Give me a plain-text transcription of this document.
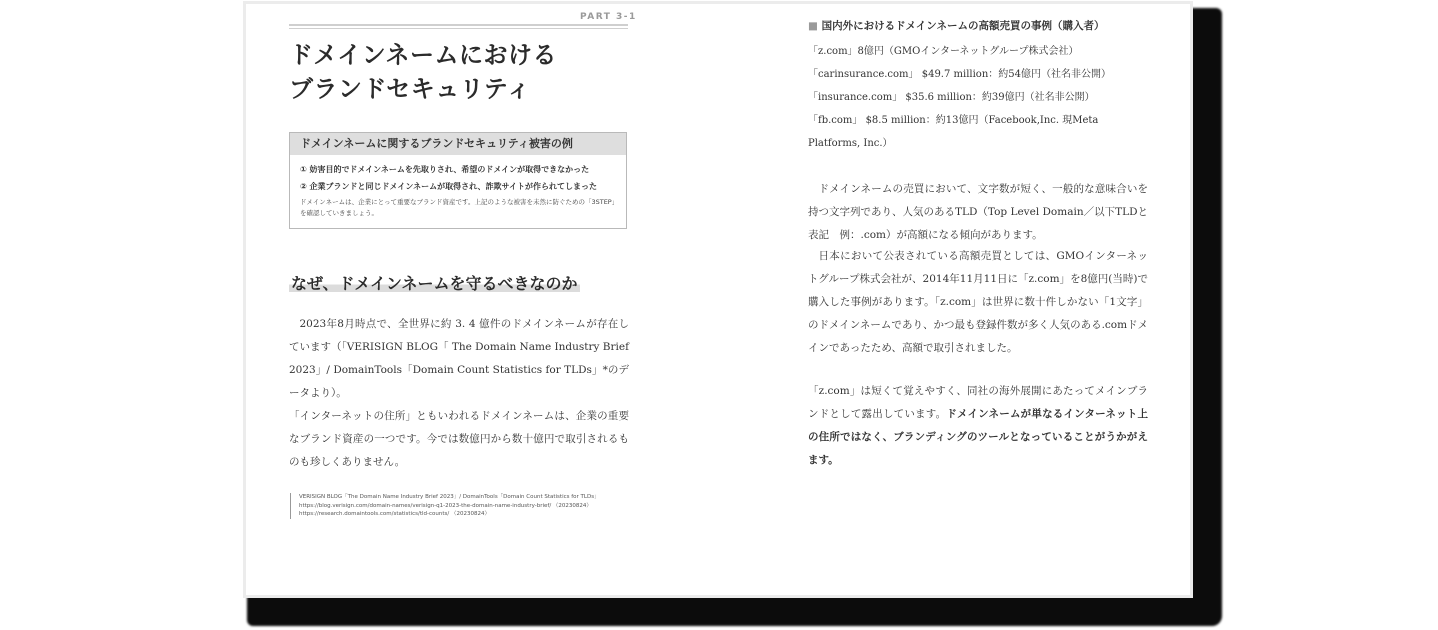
PART 3-1
ドメインネームにおける
ブランドセキュリティ
ドメインネームに関するブランドセキュリティ被害の例
① 妨害目的でドメインネームを先取りされ、希望のドメインが取得できなかった
② 企業ブランドと同じドメインネームが取得され、詐欺サイトが作られてしまった
ドメインネームは、企業にとって重要なブランド資産です。上記のような被害を未然に防ぐための「3STEP」を確認していきましょう。
なぜ、ドメインネームを守るべきなのか

2023年8月時点で、全世界に約 3. 4 億件のドメインネームが存在しています（「VERISIGN BLOG「 The Domain Name Industry Brief 2023」/ DomainTools「Domain Count Statistics for TLDs」*のデータより）。

「インターネットの住所」ともいわれるドメインネームは、企業の重要なブランド資産の一つです。今では数億円から数十億円で取引されるものも珍しくありません。

VERISIGN BLOG「The Domain Name Industry Brief 2023」/ DomainTools「Domain Count Statistics for TLDs」
https://blog.verisign.com/domain-names/verisign-q1-2023-the-domain-name-industry-brief/ （20230824）
https://research.domaintools.com/statistics/tld-counts/ （20230824）
■ 国内外におけるドメインネームの高額売買の事例（購入者）
「z.com」8億円（GMOインターネットグループ株式会社）
「carinsurance.com」 $49.7 million：約54億円（社名非公開）
「insurance.com」 $35.6 million：約39億円（社名非公開）
「fb.com」 $8.5 million：約13億円（Facebook,Inc. 現Meta Platforms, Inc.）

ドメインネームの売買において、文字数が短く、一般的な意味合いを持つ文字列であり、人気のあるTLD（Top Level Domain／以下TLDと表記　例：.com）が高額になる傾向があります。

日本において公表されている高額売買としては、GMOインターネットグループ株式会社が、2014年11月11日に「z.com」を8億円(当時)で購入した事例があります。「z.com」は世界に数十件しかない「1文字」のドメインネームであり、かつ最も登録件数が多く人気のある.comドメインであったため、高額で取引されました。

「z.com」は短くて覚えやすく、同社の海外展開にあたってメインブランドとして露出しています。ドメインネームが単なるインターネット上の住所ではなく、ブランディングのツールとなっていることがうかがえます。
